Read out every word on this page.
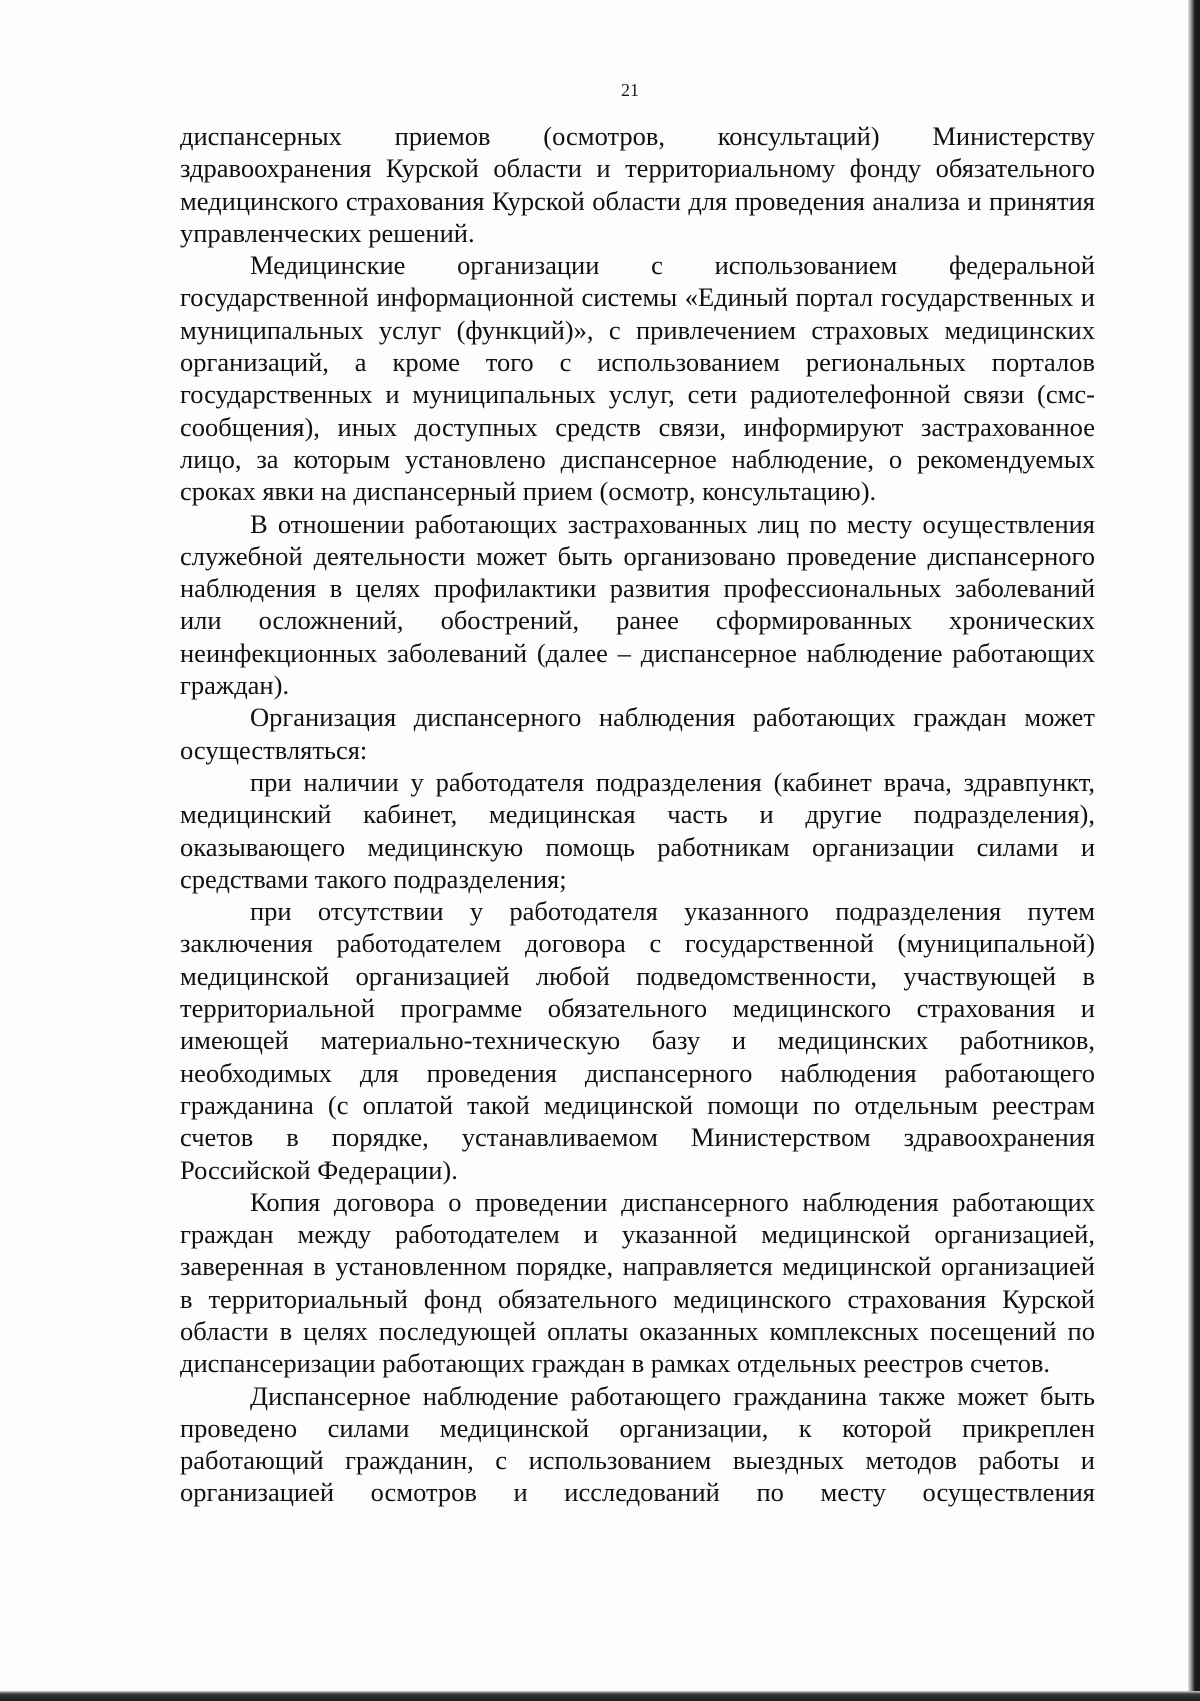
21

диспансерных приемов (осмотров, консультаций) Министерству здравоохранения Курской области и территориальному фонду обязательного медицинского страхования Курской области для проведения анализа и принятия управленческих решений.

Медицинские организации с использованием федеральной государственной информационной системы «Единый портал государственных и муниципальных услуг (функций)», с привлечением страховых медицинских организаций, а кроме того с использованием региональных порталов государственных и муниципальных услуг, сети радиотелефонной связи (смс-сообщения), иных доступных средств связи, информируют застрахованное лицо, за которым установлено диспансерное наблюдение, о рекомендуемых сроках явки на диспансерный прием (осмотр, консультацию).

В отношении работающих застрахованных лиц по месту осуществления служебной деятельности может быть организовано проведение диспансерного наблюдения в целях профилактики развития профессиональных заболеваний или осложнений, обострений, ранее сформированных хронических неинфекционных заболеваний (далее – диспансерное наблюдение работающих граждан).

Организация диспансерного наблюдения работающих граждан может осуществляться:

при наличии у работодателя подразделения (кабинет врача, здравпункт, медицинский кабинет, медицинская часть и другие подразделения), оказывающего медицинскую помощь работникам организации силами и средствами такого подразделения;

при отсутствии у работодателя указанного подразделения путем заключения работодателем договора с государственной (муниципальной) медицинской организацией любой подведомственности, участвующей в территориальной программе обязательного медицинского страхования и имеющей материально-техническую базу и медицинских работников, необходимых для проведения диспансерного наблюдения работающего гражданина (с оплатой такой медицинской помощи по отдельным реестрам счетов в порядке, устанавливаемом Министерством здравоохранения Российской Федерации).

Копия договора о проведении диспансерного наблюдения работающих граждан между работодателем и указанной медицинской организацией, заверенная в установленном порядке, направляется медицинской организацией в территориальный фонд обязательного медицинского страхования Курской области в целях последующей оплаты оказанных комплексных посещений по диспансеризации работающих граждан в рамках отдельных реестров счетов.

Диспансерное наблюдение работающего гражданина также может быть проведено силами медицинской организации, к которой прикреплен работающий гражданин, с использованием выездных методов работы и организацией осмотров и исследований по месту осуществления
